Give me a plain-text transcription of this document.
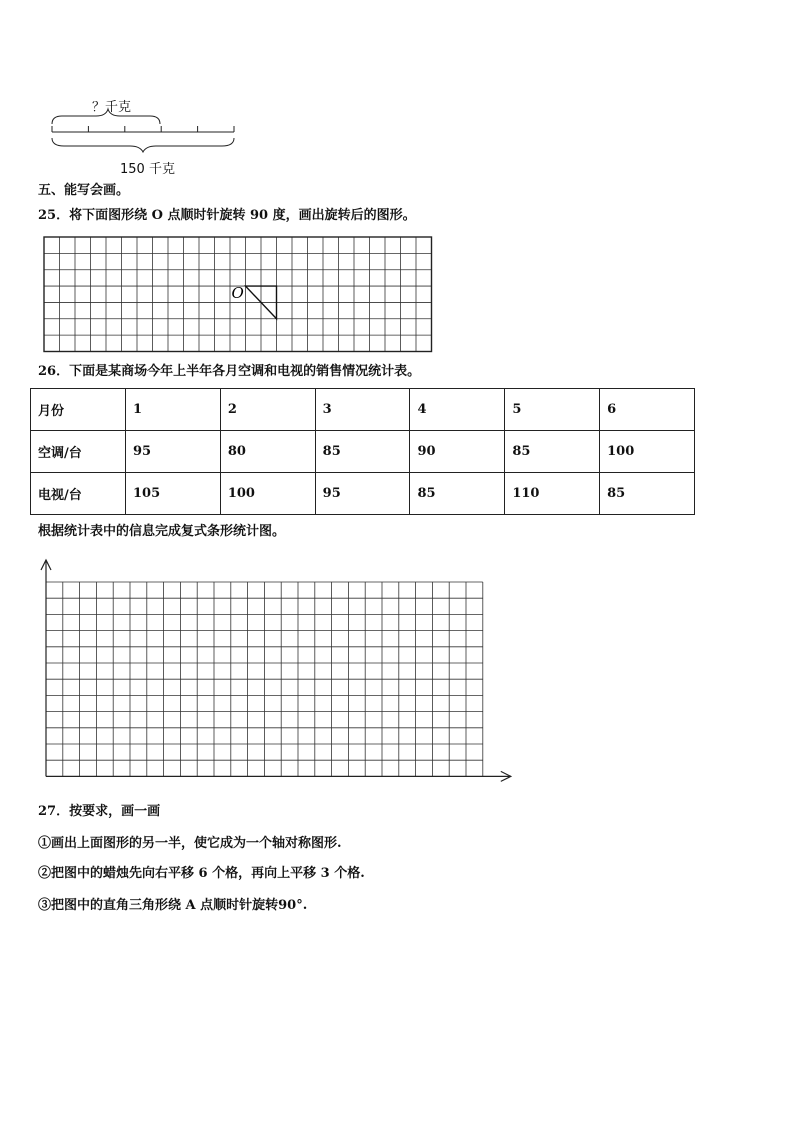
？千克
150 千克
五、能写会画。
25．将下面图形绕 O 点顺时针旋转 90 度，画出旋转后的图形。
O
26．下面是某商场今年上半年各月空调和电视的销售情况统计表。
月份	1	2	3	4	5	6
空调/台	95	80	85	90	85	100
电视/台	105	100	95	85	110	85
根据统计表中的信息完成复式条形统计图。
27．按要求，画一画
①画出上面图形的另一半，使它成为一个轴对称图形.
②把图中的蜡烛先向右平移 6 个格，再向上平移 3 个格.
③把图中的直角三角形绕 A 点顺时针旋转90°.
